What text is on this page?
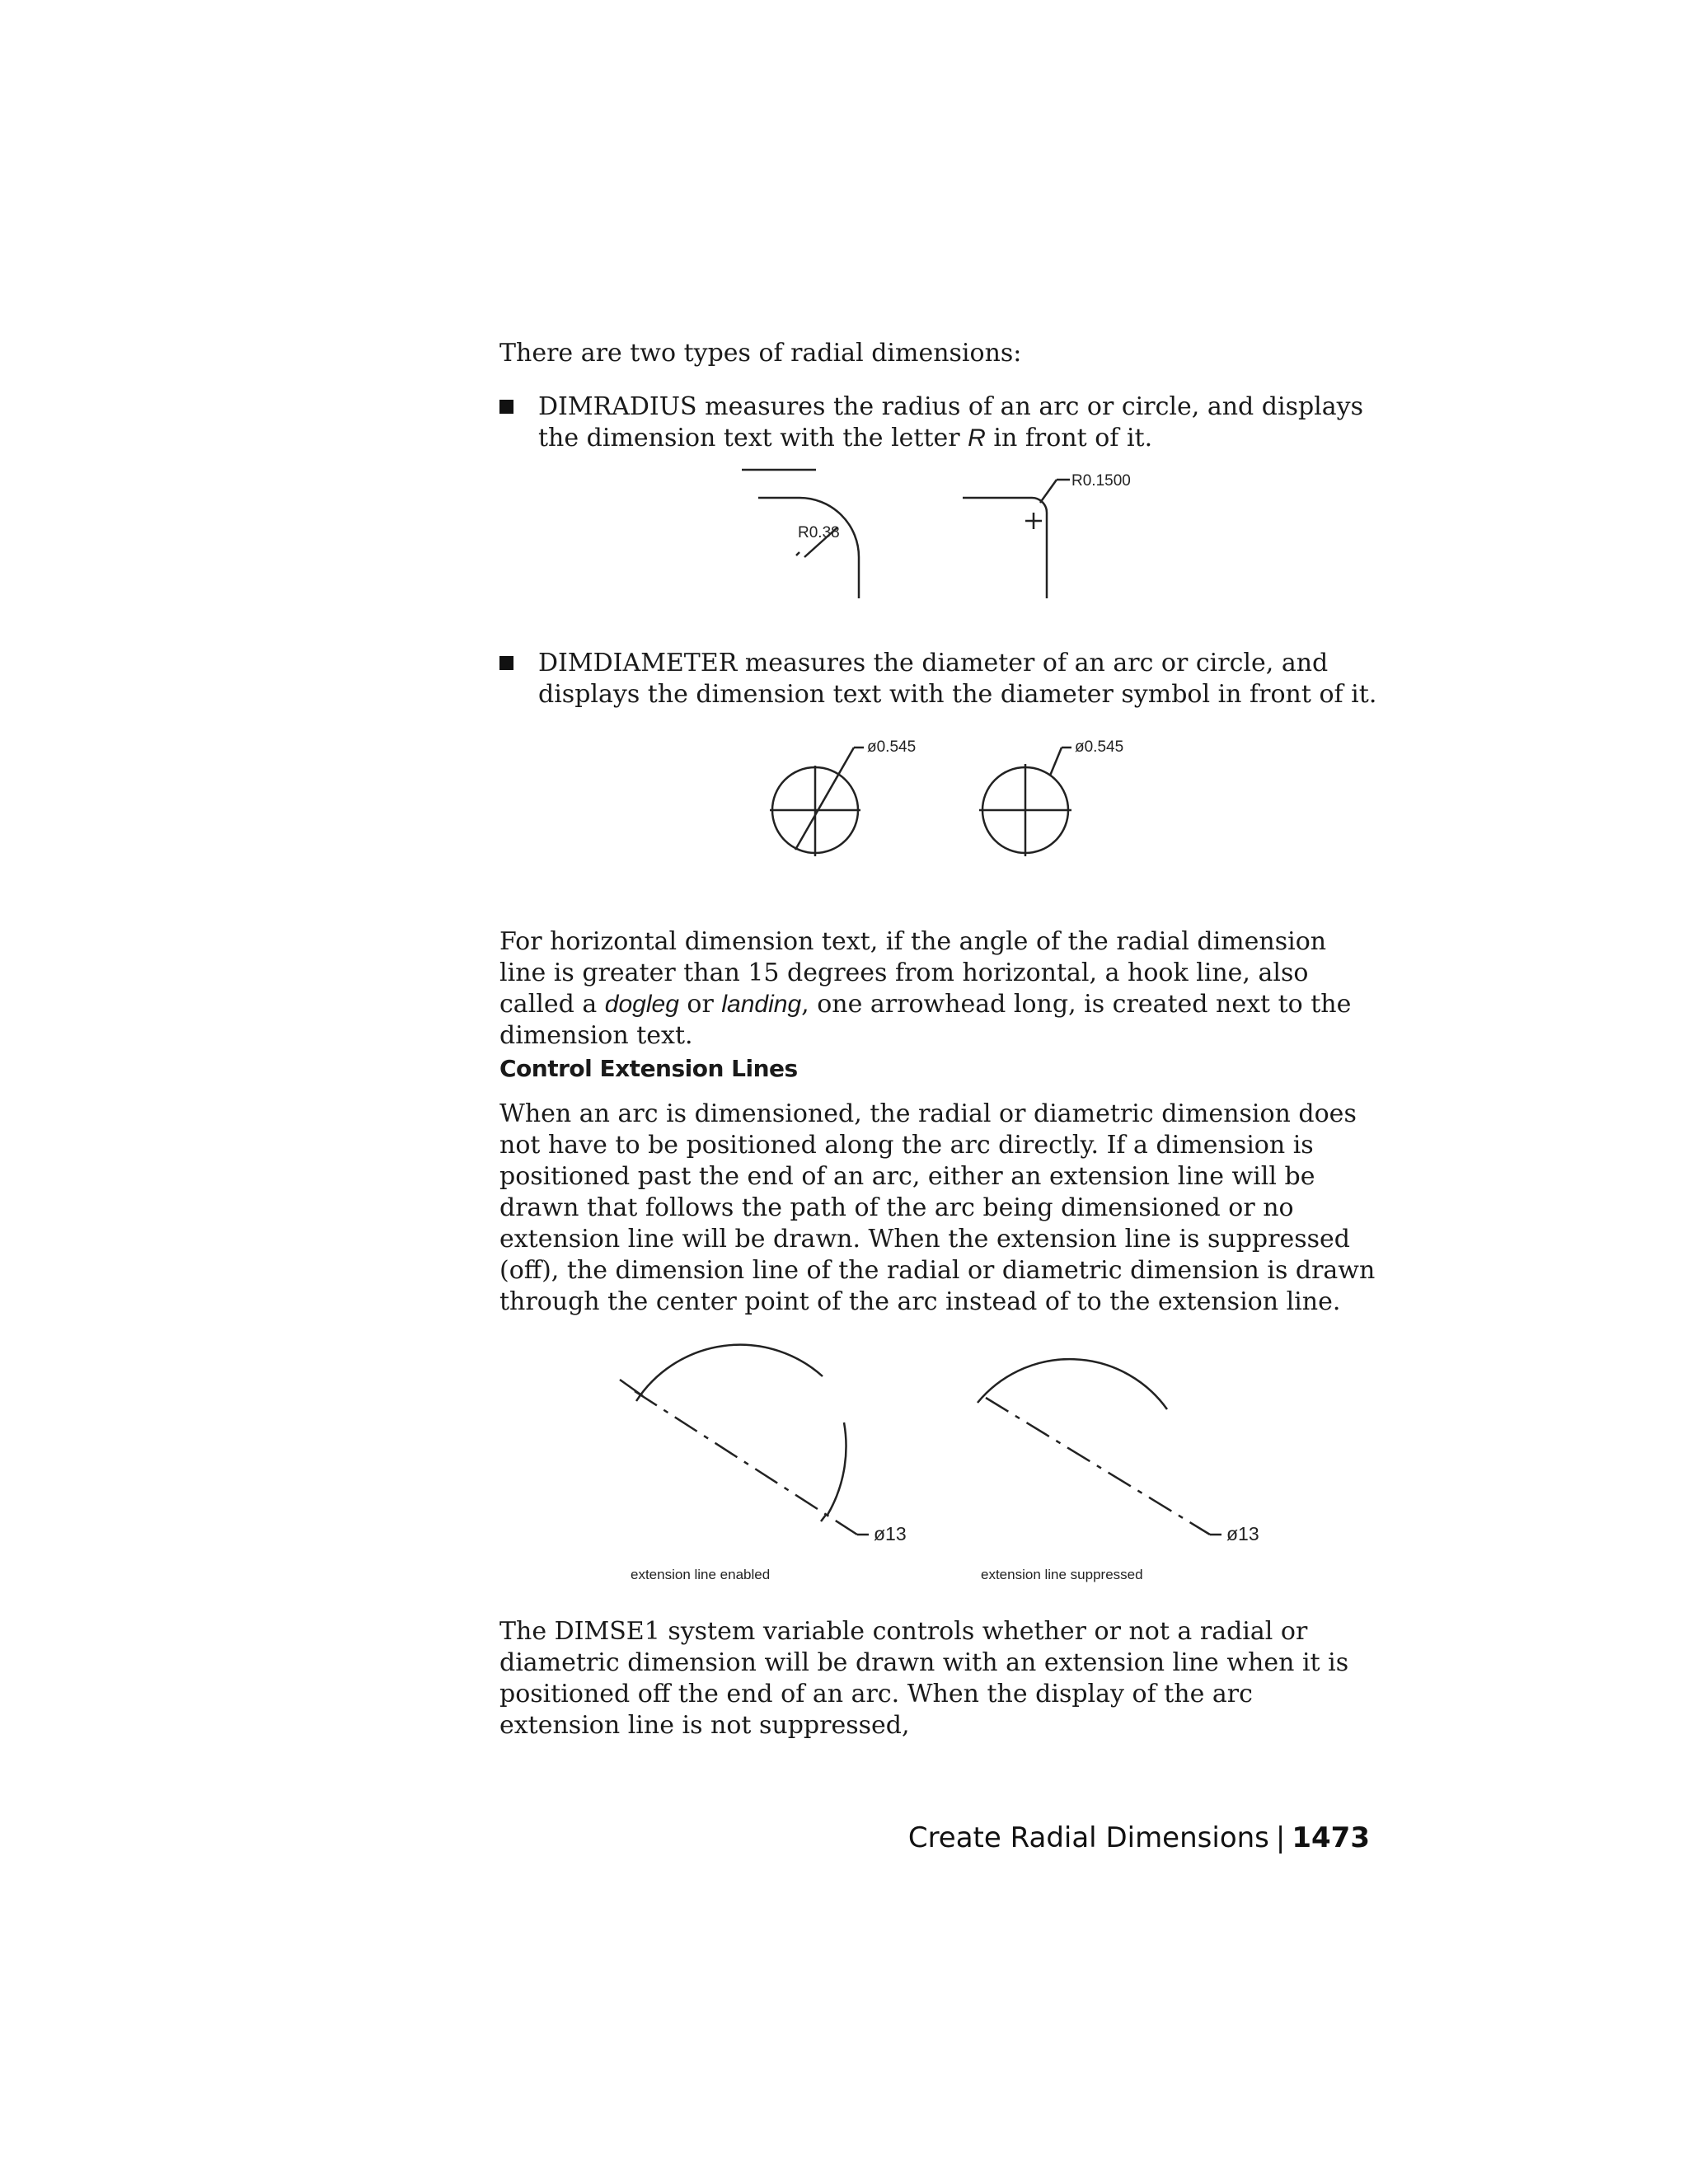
There are two types of radial dimensions:

DIMRADIUS measures the radius of an arc or circle, and displays the dimension text with the letter R in front of it.
R0.38
R0.1500
DIMDIAMETER measures the diameter of an arc or circle, and displays the dimension text with the diameter symbol in front of it.
ø0.545	ø0.545

For horizontal dimension text, if the angle of the radial dimension line is greater than 15 degrees from horizontal, a hook line, also called a dogleg or landing, one arrowhead long, is created next to the dimension text.

Control Extension Lines

When an arc is dimensioned, the radial or diametric dimension does not have to be positioned along the arc directly. If a dimension is positioned past the end of an arc, either an extension line will be drawn that follows the path of the arc being dimensioned or no extension line will be drawn. When the extension line is suppressed (off), the dimension line of the radial or diametric dimension is drawn through the center point of the arc instead of to the extension line.

ø13	ø13
extension line enabled	extension line suppressed

The DIMSE1 system variable controls whether or not a radial or diametric dimension will be drawn with an extension line when it is positioned off the end of an arc. When the display of the arc extension line is not suppressed,

Create Radial Dimensions | 1473
